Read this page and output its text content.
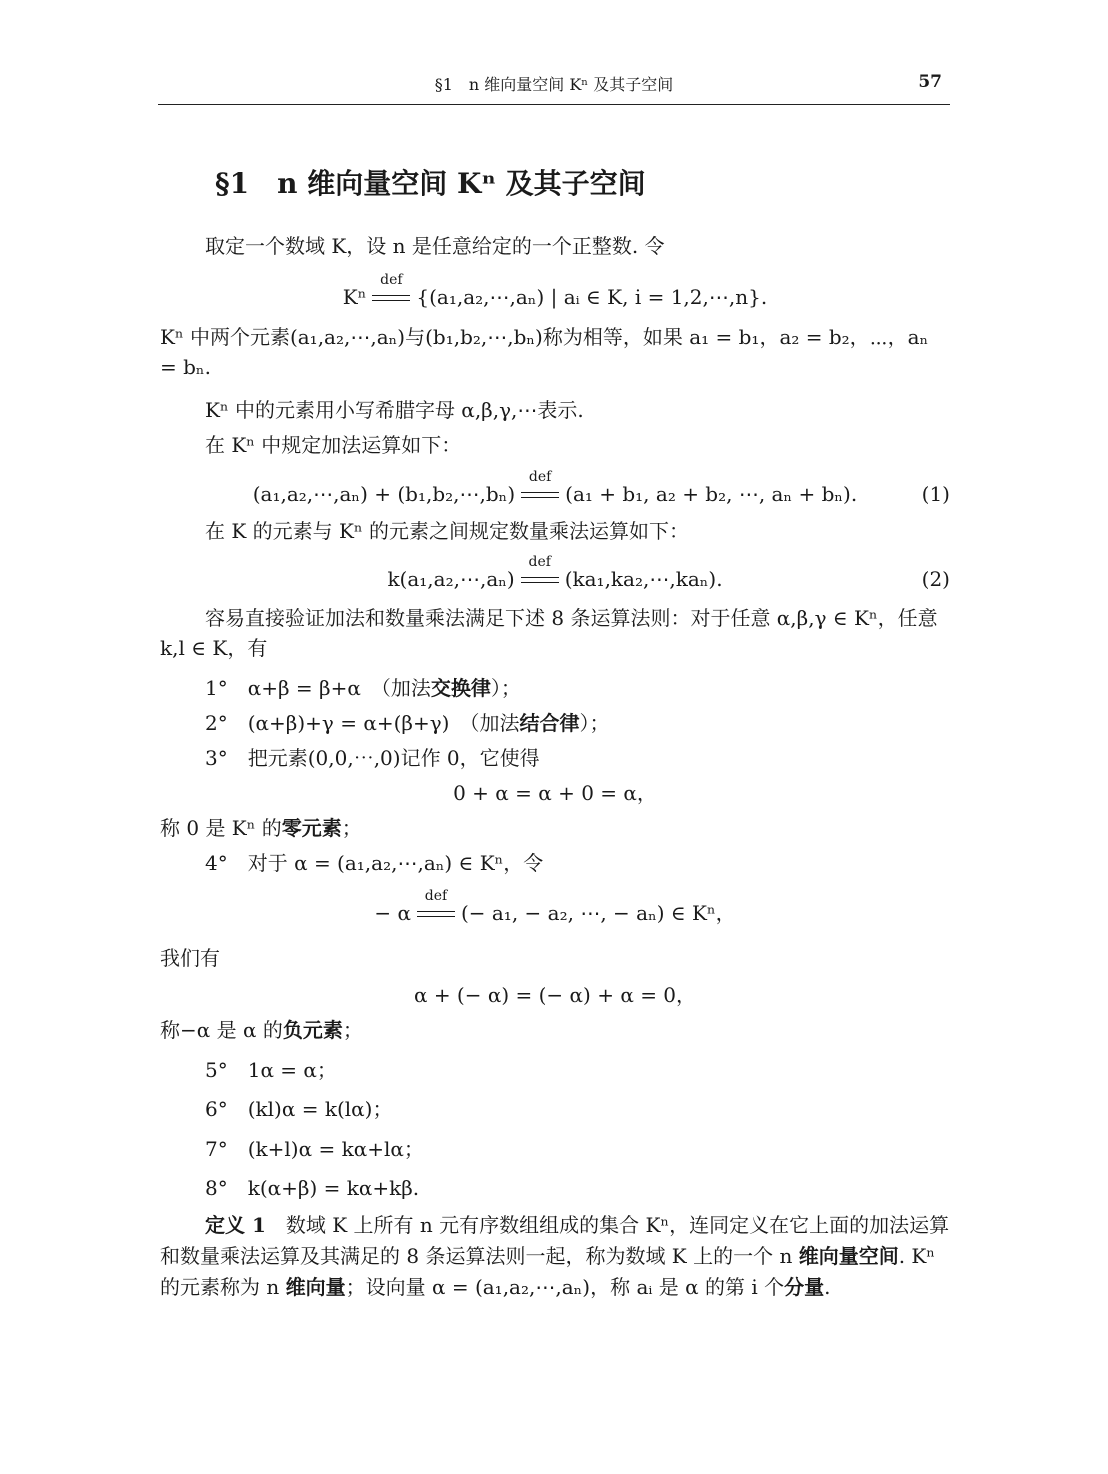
§1　n 维向量空间 Kⁿ 及其子空间	57
§1　n 维向量空间 Kⁿ 及其子空间
取定一个数域 K，设 n 是任意给定的一个正整数. 令
Kⁿ
def
{(a₁,a₂,⋯,aₙ) | aᵢ ∈ K, i = 1,2,⋯,n}.
Kⁿ 中两个元素(a₁,a₂,⋯,aₙ)与(b₁,b₂,⋯,bₙ)称为相等，如果 a₁ = b₁，a₂ = b₂，⋯，aₙ = bₙ.
Kⁿ 中的元素用小写希腊字母 α,β,γ,⋯表示.
在 Kⁿ 中规定加法运算如下：
(a₁,a₂,⋯,aₙ) + (b₁,b₂,⋯,bₙ)
def
(a₁ + b₁, a₂ + b₂, ⋯, aₙ + bₙ).	(1)
在 K 的元素与 Kⁿ 的元素之间规定数量乘法运算如下：
k(a₁,a₂,⋯,aₙ)
def
(ka₁,ka₂,⋯,kaₙ).	(2)
容易直接验证加法和数量乘法满足下述 8 条运算法则：对于任意 α,β,γ ∈ Kⁿ，任意 k,l ∈ K，有
1°　α+β = β+α　（加法交换律）；
2°　(α+β)+γ = α+(β+γ)　（加法结合律）；
3°　把元素(0,0,⋯,0)记作 0，它使得
0 + α = α + 0 = α，
称 0 是 Kⁿ 的零元素；
4°　对于 α = (a₁,a₂,⋯,aₙ) ∈ Kⁿ，令
− α
def
(− a₁, − a₂, ⋯, − aₙ) ∈ Kⁿ，
我们有
α + (− α) = (− α) + α = 0，
称−α 是 α 的负元素；
5°　1α = α；
6°　(kl)α = k(lα)；
7°　(k+l)α = kα+lα；
8°　k(α+β) = kα+kβ.
定义 1　数域 K 上所有 n 元有序数组组成的集合 Kⁿ，连同定义在它上面的加法运算和数量乘法运算及其满足的 8 条运算法则一起，称为数域 K 上的一个 n 维向量空间. Kⁿ 的元素称为 n 维向量；设向量 α = (a₁,a₂,⋯,aₙ)，称 aᵢ 是 α 的第 i 个分量.
